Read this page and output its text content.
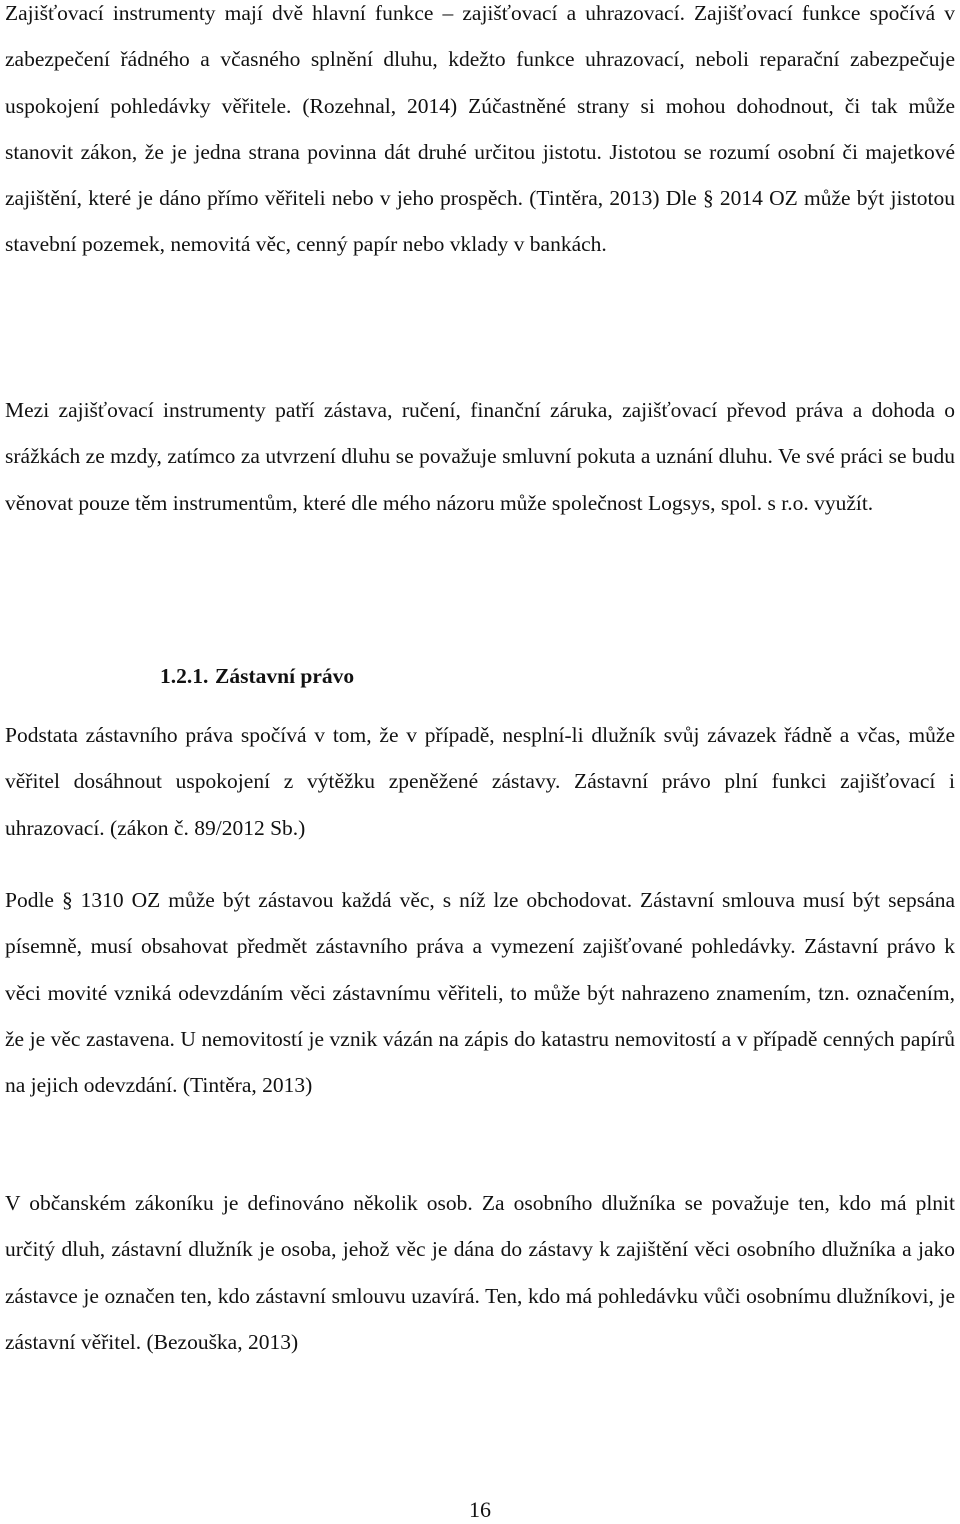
Zajišťovací instrumenty mají dvě hlavní funkce – zajišťovací a uhrazovací. Zajišťovací funkce spočívá v zabezpečení řádného a včasného splnění dluhu, kdežto funkce uhrazovací, neboli reparační zabezpečuje uspokojení pohledávky věřitele. (Rozehnal, 2014) Zúčastněné strany si mohou dohodnout, či tak může stanovit zákon, že je jedna strana povinna dát druhé určitou jistotu. Jistotou se rozumí osobní či majetkové zajištění, které je dáno přímo věřiteli nebo v jeho prospěch. (Tintěra, 2013) Dle § 2014 OZ může být jistotou stavební pozemek, nemovitá věc, cenný papír nebo vklady v bankách.

Mezi zajišťovací instrumenty patří zástava, ručení, finanční záruka, zajišťovací převod práva a dohoda o srážkách ze mzdy, zatímco za utvrzení dluhu se považuje smluvní pokuta a uznání dluhu. Ve své práci se budu věnovat pouze těm instrumentům, které dle mého názoru může společnost Logsys, spol. s r.o. využít.

1.2.1. Zástavní právo

Podstata zástavního práva spočívá v tom, že v případě, nesplní-li dlužník svůj závazek řádně a včas, může věřitel dosáhnout uspokojení z výtěžku zpeněžené zástavy. Zástavní právo plní funkci zajišťovací i uhrazovací. (zákon č. 89/2012 Sb.)

Podle § 1310 OZ může být zástavou každá věc, s níž lze obchodovat. Zástavní smlouva musí být sepsána písemně, musí obsahovat předmět zástavního práva a vymezení zajišťované pohledávky. Zástavní právo k věci movité vzniká odevzdáním věci zástavnímu věřiteli, to může být nahrazeno znamením, tzn. označením, že je věc zastavena. U nemovitostí je vznik vázán na zápis do katastru nemovitostí a v případě cenných papírů na jejich odevzdání. (Tintěra, 2013)

V občanském zákoníku je definováno několik osob. Za osobního dlužníka se považuje ten, kdo má plnit určitý dluh, zástavní dlužník je osoba, jehož věc je dána do zástavy k zajištění věci osobního dlužníka a jako zástavce je označen ten, kdo zástavní smlouvu uzavírá. Ten, kdo má pohledávku vůči osobnímu dlužníkovi, je zástavní věřitel. (Bezouška, 2013)

16
